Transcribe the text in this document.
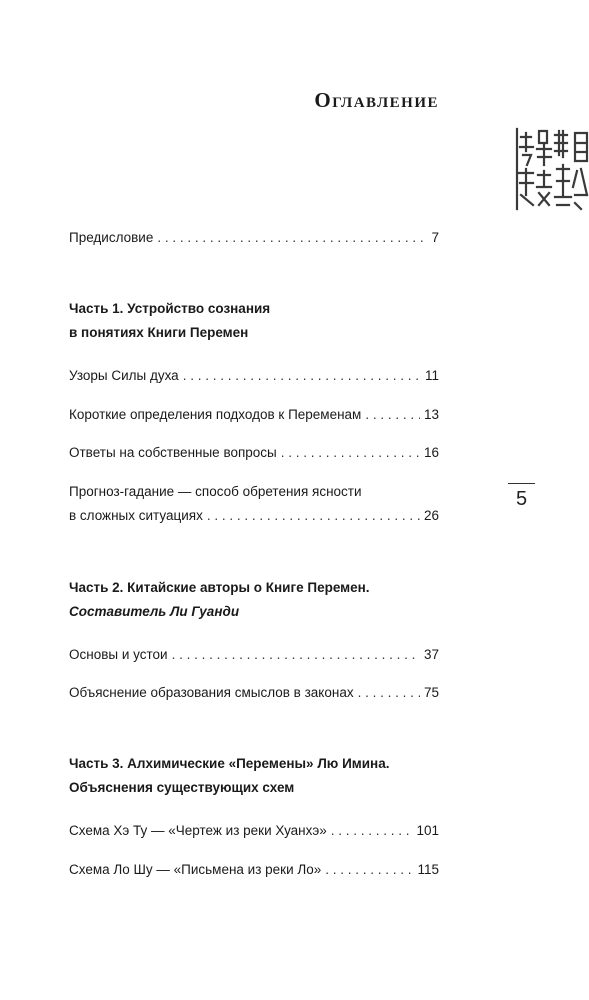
Оглавление
Предисловие . . .	7
Часть 1. Устройство сознания
в понятиях Книги Перемен
Узоры Силы духа . . .	11
Короткие определения подходов к Переменам . . .	13
Ответы на собственные вопросы . . .	16
Прогноз-гадание — способ обретения ясности
в сложных ситуациях . . .	26
5
Часть 2. Китайские авторы о Книге Перемен.
Составитель Ли Гуанди
Основы и устои . . .	37
Объяснение образования смыслов в законах . . .	75
Часть 3. Алхимические «Перемены» Лю Имина.
Объяснения существующих схем
Схема Хэ Ту — «Чертеж из реки Хуанхэ» . . .	101
Схема Ло Шу — «Письмена из реки Ло» . . .	115
